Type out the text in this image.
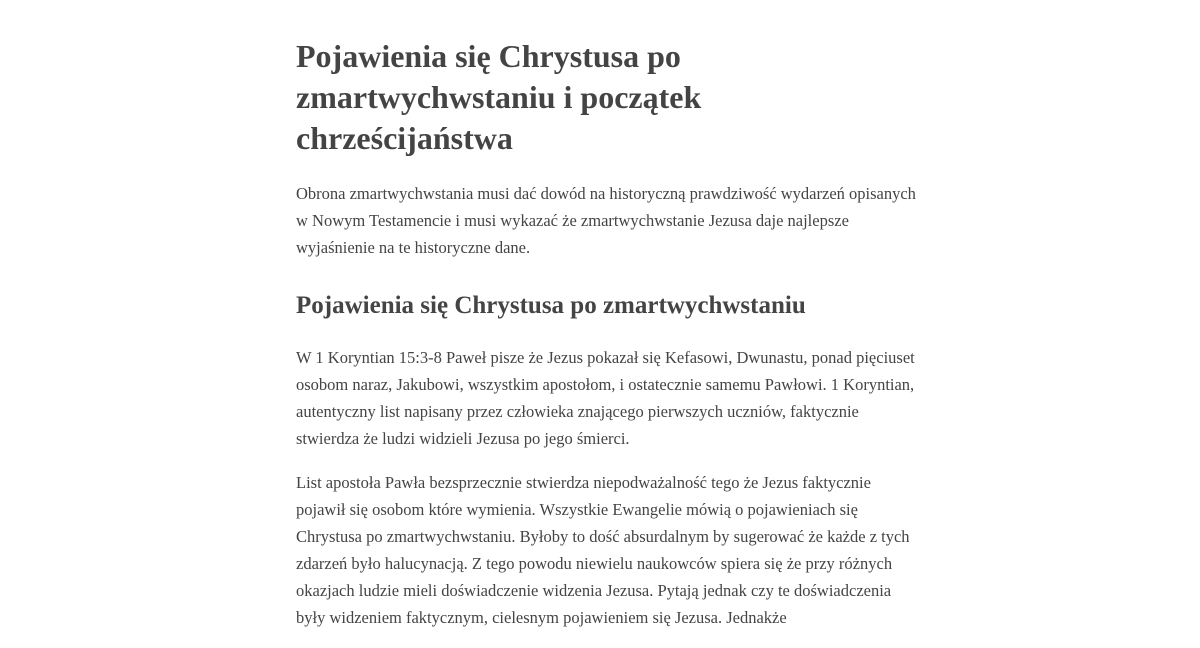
Pojawienia się Chrystusa po zmartwychwstaniu i początek chrześcijaństwa

Obrona zmartwychwstania musi dać dowód na historyczną prawdziwość wydarzeń opisanych w Nowym Testamencie i musi wykazać że zmartwychwstanie Jezusa daje najlepsze wyjaśnienie na te historyczne dane.

Pojawienia się Chrystusa po zmartwychwstaniu

W 1 Koryntian 15:3-8 Paweł pisze że Jezus pokazał się Kefasowi, Dwunastu, ponad pięciuset osobom naraz, Jakubowi, wszystkim apostołom, i ostatecznie samemu Pawłowi. 1 Koryntian, autentyczny list napisany przez człowieka znającego pierwszych uczniów, faktycznie stwierdza że ludzi widzieli Jezusa po jego śmierci.

List apostoła Pawła bezsprzecznie stwierdza niepodważalność tego że Jezus faktycznie pojawił się osobom które wymienia. Wszystkie Ewangelie mówią o pojawieniach się Chrystusa po zmartwychwstaniu. Byłoby to dość absurdalnym by sugerować że każde z tych zdarzeń było halucynacją. Z tego powodu niewielu naukowców spiera się że przy różnych okazjach ludzie mieli doświadczenie widzenia Jezusa. Pytają jednak czy te doświadczenia były widzeniem faktycznym, cielesnym pojawieniem się Jezusa. Jednakże
